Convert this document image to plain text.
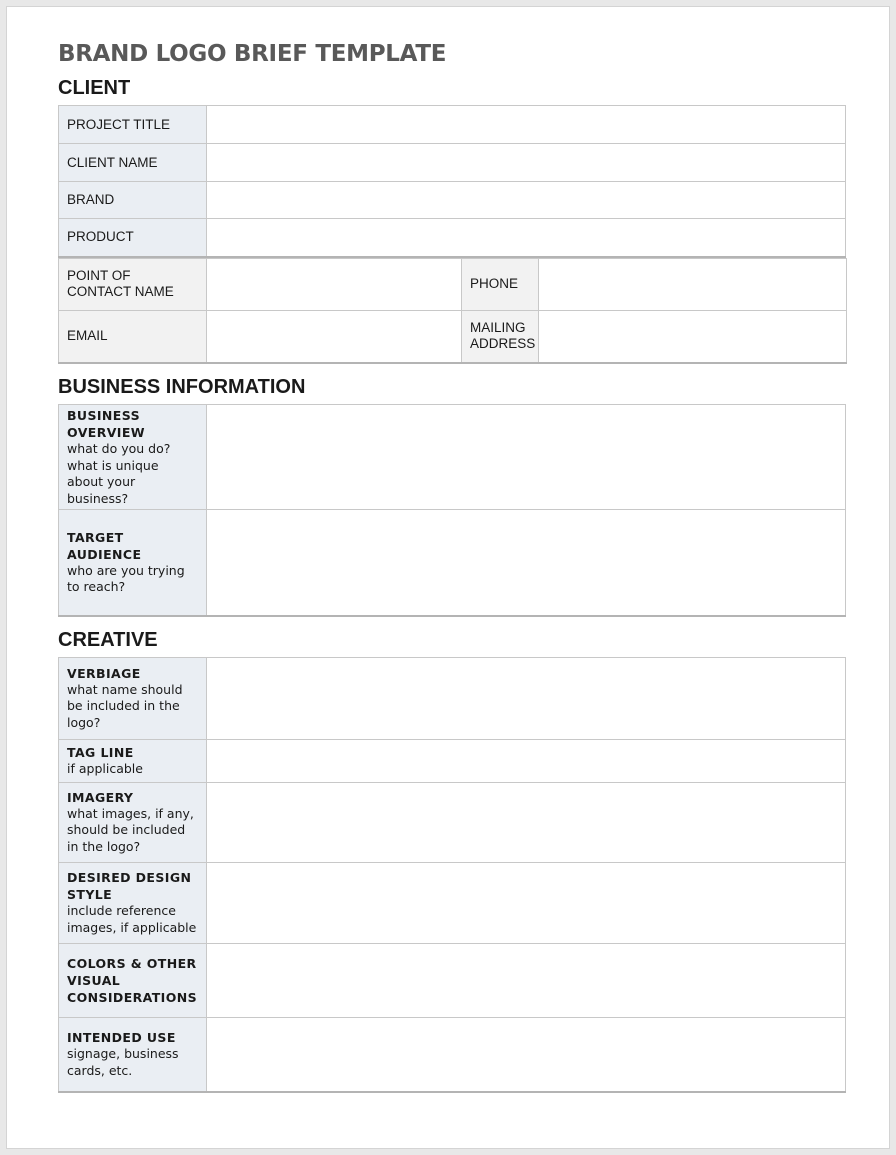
BRAND LOGO BRIEF TEMPLATE
CLIENT
PROJECT TITLE	
CLIENT NAME	
BRAND	
PRODUCT	
POINT OF CONTACT NAME		PHONE	
EMAIL		MAILING ADDRESS	
BUSINESS INFORMATION
BUSINESS OVERVIEW
what do you do? what is unique about your business?	

TARGET AUDIENCE
who are you trying to reach?	

CREATIVE
VERBIAGE
what name should be included in the logo?	

TAG LINE
if applicable	

IMAGERY
what images, if any, should be included in the logo?	

DESIRED DESIGN STYLE
include reference images, if applicable	

COLORS & OTHER VISUAL CONSIDERATIONS	

INTENDED USE
signage, business cards, etc.	
